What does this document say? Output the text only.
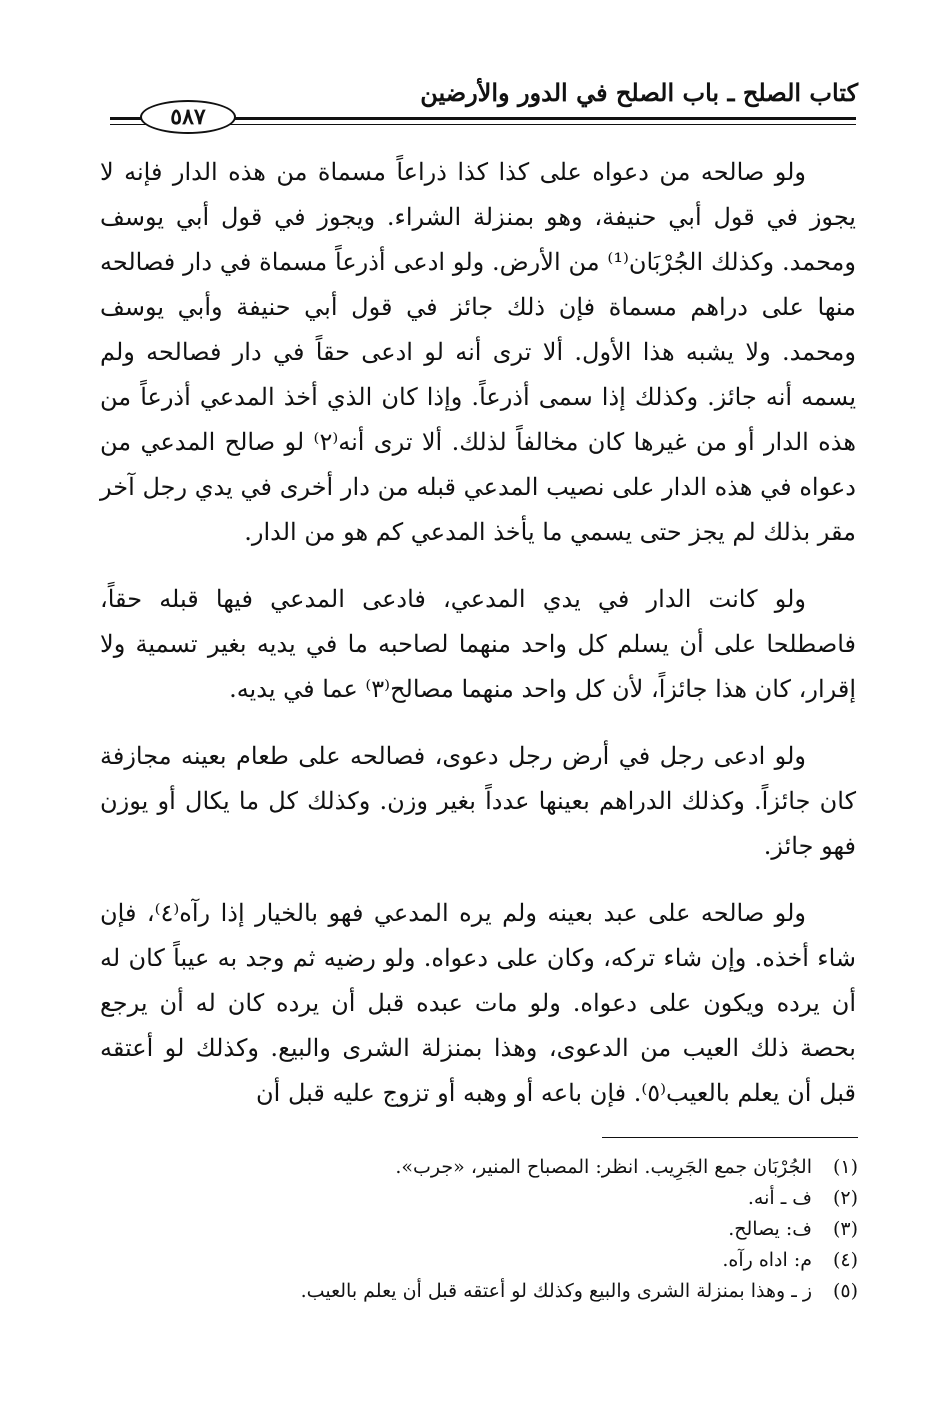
كتاب الصلح ـ باب الصلح في الدور والأرضين
٥٨٧

ولو صالحه من دعواه على كذا كذا ذراعاً مسماة من هذه الدار فإنه لا يجوز في قول أبي حنيفة، وهو بمنزلة الشراء. ويجوز في قول أبي يوسف ومحمد. وكذلك الجُرْبَان⁽¹⁾ من الأرض. ولو ادعى أذرعاً مسماة في دار فصالحه منها على دراهم مسماة فإن ذلك جائز في قول أبي حنيفة وأبي يوسف ومحمد. ولا يشبه هذا الأول. ألا ترى أنه لو ادعى حقاً في دار فصالحه ولم يسمه أنه جائز. وكذلك إذا سمى أذرعاً. وإذا كان الذي أخذ المدعي أذرعاً من هذه الدار أو من غيرها كان مخالفاً لذلك. ألا ترى أنه⁽٢⁾ لو صالح المدعي من دعواه في هذه الدار على نصيب المدعي قبله من دار أخرى في يدي رجل آخر مقر بذلك لم يجز حتى يسمي ما يأخذ المدعي كم هو من الدار.

ولو كانت الدار في يدي المدعي، فادعى المدعي فيها قبله حقاً، فاصطلحا على أن يسلم كل واحد منهما لصاحبه ما في يديه بغير تسمية ولا إقرار، كان هذا جائزاً، لأن كل واحد منهما مصالح⁽٣⁾ عما في يديه.

ولو ادعى رجل في أرض رجل دعوى، فصالحه على طعام بعينه مجازفة كان جائزاً. وكذلك الدراهم بعينها عدداً بغير وزن. وكذلك كل ما يكال أو يوزن فهو جائز.

ولو صالحه على عبد بعينه ولم يره المدعي فهو بالخيار إذا رآه⁽٤⁾، فإن شاء أخذه. وإن شاء تركه، وكان على دعواه. ولو رضيه ثم وجد به عيباً كان له أن يرده ويكون على دعواه. ولو مات عبده قبل أن يرده كان له أن يرجع بحصة ذلك العيب من الدعوى، وهذا بمنزلة الشرى والبيع. وكذلك لو أعتقه قبل أن يعلم بالعيب⁽٥⁾. فإن باعه أو وهبه أو تزوج عليه قبل أن

(١)
الجُرْبَان جمع الجَرِيب. انظر: المصباح المنير، «جرب».
(٢)
ف ـ أنه.
(٣)
ف: يصالح.
(٤)
م: اداه رآه.
(٥)
ز ـ وهذا بمنزلة الشرى والبيع وكذلك لو أعتقه قبل أن يعلم بالعيب.
